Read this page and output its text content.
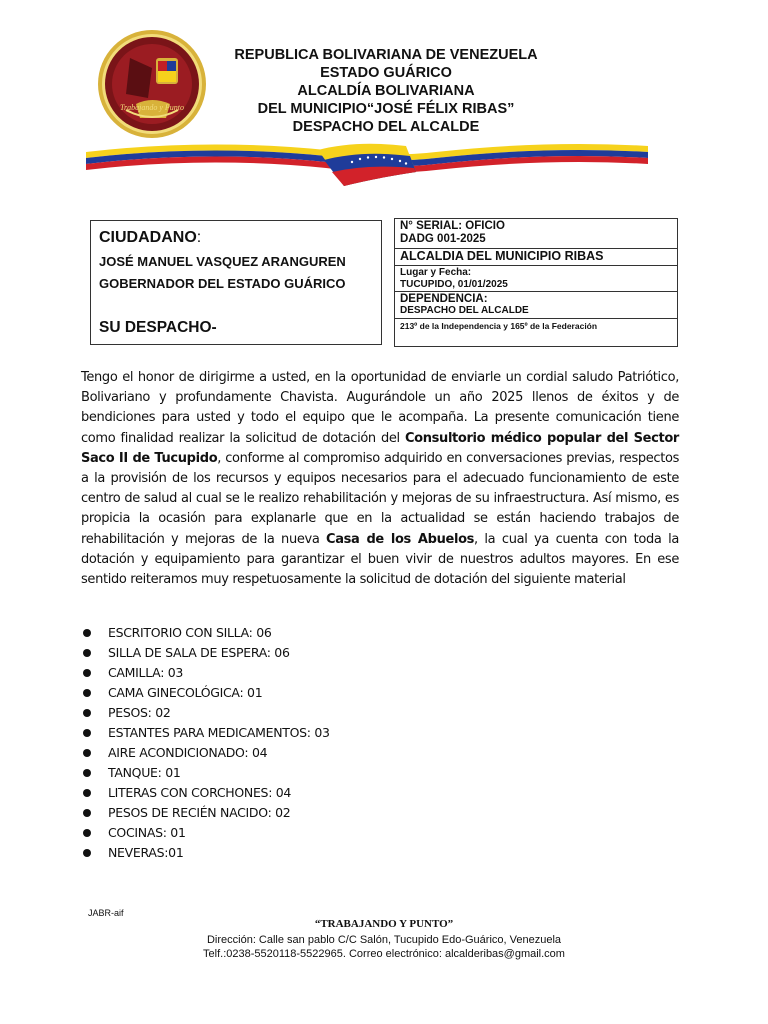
Trabajando y Punto
REPUBLICA BOLIVARIANA DE VENEZUELA
ESTADO GUÁRICO
ALCALDÍA BOLIVARIANA
DEL MUNICIPIO“JOSÉ FÉLIX RIBAS”
DESPACHO DEL ALCALDE
CIUDADANO:
JOSÉ MANUEL VASQUEZ ARANGUREN
GOBERNADOR DEL ESTADO GUÁRICO
SU DESPACHO-
N° SERIAL: OFICIO
DADG 001-2025
ALCALDIA DEL MUNICIPIO RIBAS
Lugar y Fecha:
TUCUPIDO, 01/01/2025
DEPENDENCIA:
DESPACHO DEL ALCALDE
213º de la Independencia y 165º de la Federación
Tengo el honor de dirigirme a usted, en la oportunidad de enviarle un cordial saludo Patriótico, Bolivariano y profundamente Chavista. Augurándole un año 2025 llenos de éxitos y de bendiciones para usted y todo el equipo que le acompaña. La presente comunicación tiene como finalidad realizar la solicitud de dotación del Consultorio médico popular del Sector Saco II de Tucupido, conforme al compromiso adquirido en conversaciones previas, respectos a la provisión de los recursos y equipos necesarios para el adecuado funcionamiento de este centro de salud al cual se le realizo rehabilitación y mejoras de su infraestructura. Así mismo, es propicia la ocasión para explanarle que en la actualidad se están haciendo trabajos de rehabilitación y mejoras de la nueva Casa de los Abuelos, la cual ya cuenta con toda la dotación y equipamiento para garantizar el buen vivir de nuestros adultos mayores. En ese sentido reiteramos muy respetuosamente la solicitud de dotación del siguiente material
ESCRITORIO CON SILLA: 06
SILLA DE SALA DE ESPERA: 06
CAMILLA: 03
CAMA GINECOLÓGICA: 01
PESOS: 02
ESTANTES PARA MEDICAMENTOS: 03
AIRE ACONDICIONADO: 04
TANQUE: 01
LITERAS CON CORCHONES: 04
PESOS DE RECIÉN NACIDO: 02
COCINAS: 01
NEVERAS:01
JABR-aif
“TRABAJANDO Y PUNTO”
Dirección: Calle san pablo C/C Salón, Tucupido Edo-Guárico, Venezuela
Telf.:0238-5520118-5522965. Correo electrónico: alcalderibas@gmail.com
